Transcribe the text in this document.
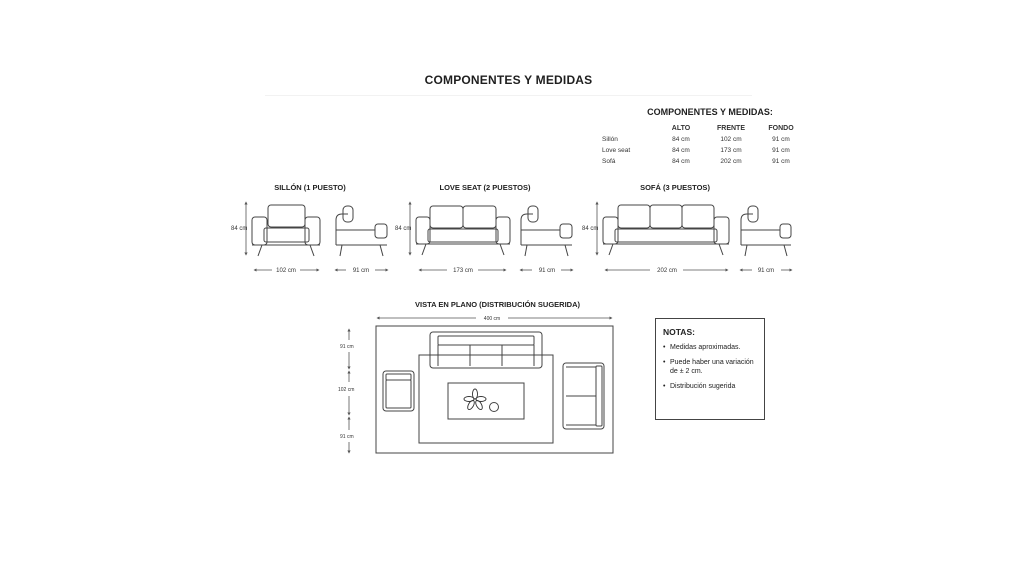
COMPONENTES Y MEDIDAS
COMPONENTES Y MEDIDAS:
	ALTO	FRENTE	FONDO
Sillón	84 cm	102 cm	91 cm
Love seat	84 cm	173 cm	91 cm
Sofá	84 cm	202 cm	91 cm
SILLÓN (1 PUESTO)	LOVE SEAT (2 PUESTOS)	SOFÁ (3 PUESTOS)
VISTA EN PLANO (DISTRIBUCIÓN SUGERIDA)
84 cm	84 cm	84 cm
102 cm	91 cm	173 cm	91 cm	202 cm	91 cm
400 cm
91 cm
102 cm
91 cm
NOTAS:
• Medidas aproximadas.
• Puede haber una variación de ± 2 cm.
• Distribución sugerida
